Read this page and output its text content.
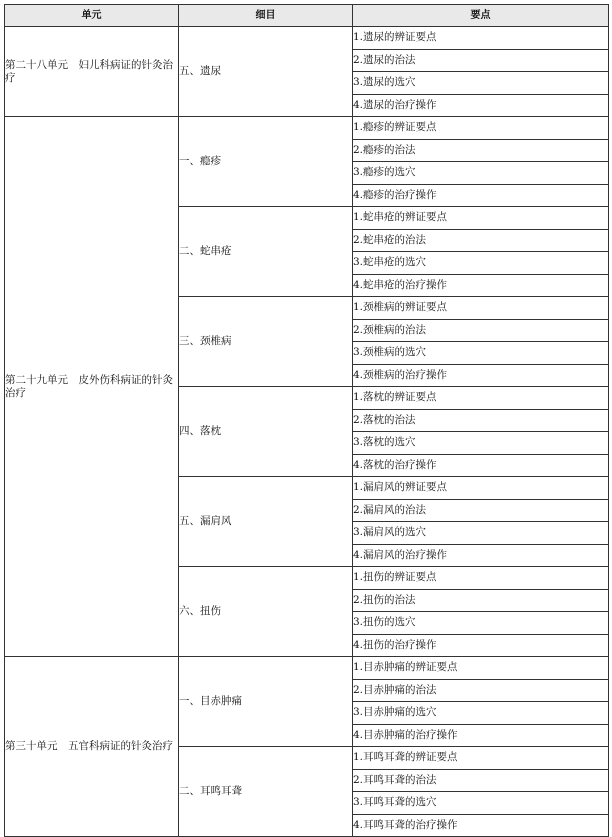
单元	细目	要点
第二十八单元　妇儿科病证的针灸治疗	五、遗尿	1.遗尿的辨证要点
		2.遗尿的治法
		3.遗尿的选穴
		4.遗尿的治疗操作
第二十九单元　皮外伤科病证的针灸治疗	一、瘾疹	1.瘾疹的辨证要点
		2.瘾疹的治法
		3.瘾疹的选穴
		4.瘾疹的治疗操作
	二、蛇串疮	1.蛇串疮的辨证要点
		2.蛇串疮的治法
		3.蛇串疮的选穴
		4.蛇串疮的治疗操作
	三、颈椎病	1.颈椎病的辨证要点
		2.颈椎病的治法
		3.颈椎病的选穴
		4.颈椎病的治疗操作
	四、落枕	1.落枕的辨证要点
		2.落枕的治法
		3.落枕的选穴
		4.落枕的治疗操作
	五、漏肩风	1.漏肩风的辨证要点
		2.漏肩风的治法
		3.漏肩风的选穴
		4.漏肩风的治疗操作
	六、扭伤	1.扭伤的辨证要点
		2.扭伤的治法
		3.扭伤的选穴
		4.扭伤的治疗操作
第三十单元　五官科病证的针灸治疗	一、目赤肿痛	1.目赤肿痛的辨证要点
		2.目赤肿痛的治法
		3.目赤肿痛的选穴
		4.目赤肿痛的治疗操作
	二、耳鸣耳聋	1.耳鸣耳聋的辨证要点
		2.耳鸣耳聋的治法
		3.耳鸣耳聋的选穴
		4.耳鸣耳聋的治疗操作
